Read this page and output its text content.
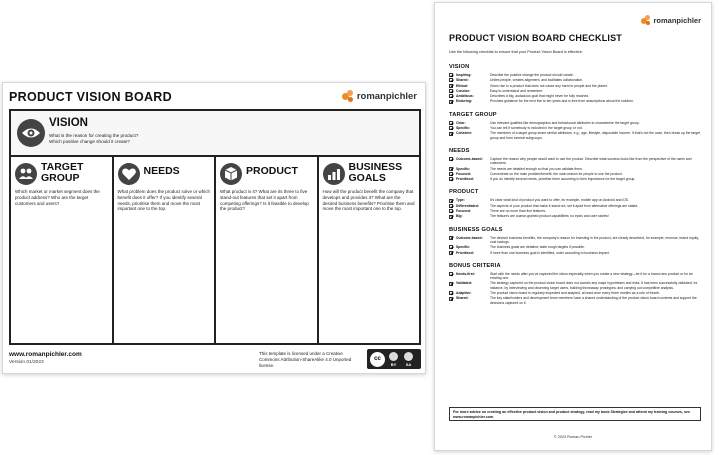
PRODUCT VISION BOARD	romanpichler
VISION
What is the reason for creating the product?
Which positive change should it create?
TARGET
GROUP
Which market or market segment does the product address? Who are the target customers and users?
NEEDS
What problem does the product solve or which benefit does it offer? If you identify several needs, prioritise them and move the most important one to the top.
PRODUCT
What product is it? What are its three to five stand-out features that set it apart from competing offerings? Is it feasible to develop the product?
BUSINESS
GOALS
How will the product benefit the company that develops and provides it? What are the desired business benefits? Prioritise them and move the most important one to the top.
www.romanpichler.com
Version 01/2023
This template is licensed under a Creative Commons Attribution-ShareAlike 4.0 Unported license.
cc
BY SA
romanpichler
PRODUCT VISION BOARD CHECKLIST
Use the following checklist to ensure that your Product Vision Board is effective.
VISION
Inspiring:	Describe the positive change the product should create.
Shared:	Unites people, creates alignment, and facilitates collaboration.
Ethical:	Gives rise to a product that does not cause any harm to people and the planet.
Concise:	Easy to understand and remember.
Ambitious:	Describes a big, audacious goal that might never be fully reached.
Enduring:	Provides guidance for the next five to ten years and is free from assumptions about the solution.
TARGET GROUP
Clear:	Use relevant qualities like demographics and behavioural attributes to characterise the target group.
Specific:	You can tell if somebody is included in the target group or not.
Cohesive:	The members of a target group share similar attributes, e.g., age, lifestyle, disposable income. If that's not the case, then break up the target group and form several subgroups.
NEEDS
Outcome-based:	Capture the reason why people would want to use the product. Describe what success looks like from the perspective of the users and customers.
Specific:	The needs are detailed enough so that you can validate them.
Focused:	Concentrate on the main problem/benefit, the main reason for people to use the product.
Prioritised:	If you do identify several needs, prioritise them according to their importance for the target group.
PRODUCT
Type:	It's clear what kind of product you want to offer, for example, mobile app on Android and iOS.
Differentiated:	The aspects of your product that make it stand out, set it apart from alternative offerings are stated.
Focused:	There are no more than five features.
Big:	The features are coarse-grained product capabilities; no epics and user stories!
BUSINESS GOALS
Outcome-based:	The desired business benefits, the company's reason for investing in the product, are clearly described, for example, revenue, brand equity, cost savings.
Specific:	The business goals are detailed; state rough targets if possible.
Prioritised:	If more than one business goal is identified, order according to business impact.
BONUS CRITERIA
Needs-first:	Start with the needs after you've captured the vision especially when you create a new strategy—be it for a brand-new product or for an existing one.
Validated:	The strategy captured on the product vision board does not contain any major hypotheses and risks. It has been successfully validated, for instance, by interviewing and observing target users, building throwaway prototypes, and carrying out competitive analysis.
Adaptive:	The product vision board is regularly inspected and adapted, at least once every three months as a rule of thumb.
Shared:	The key stakeholders and development team members have a shared understanding of the product vision board contents and support the decisions captured on it.
For more advice on creating an effective product vision and product strategy, read my book Strategize and attend my training courses, see www.romanpichler.com.
© 2023 Roman Pichler
